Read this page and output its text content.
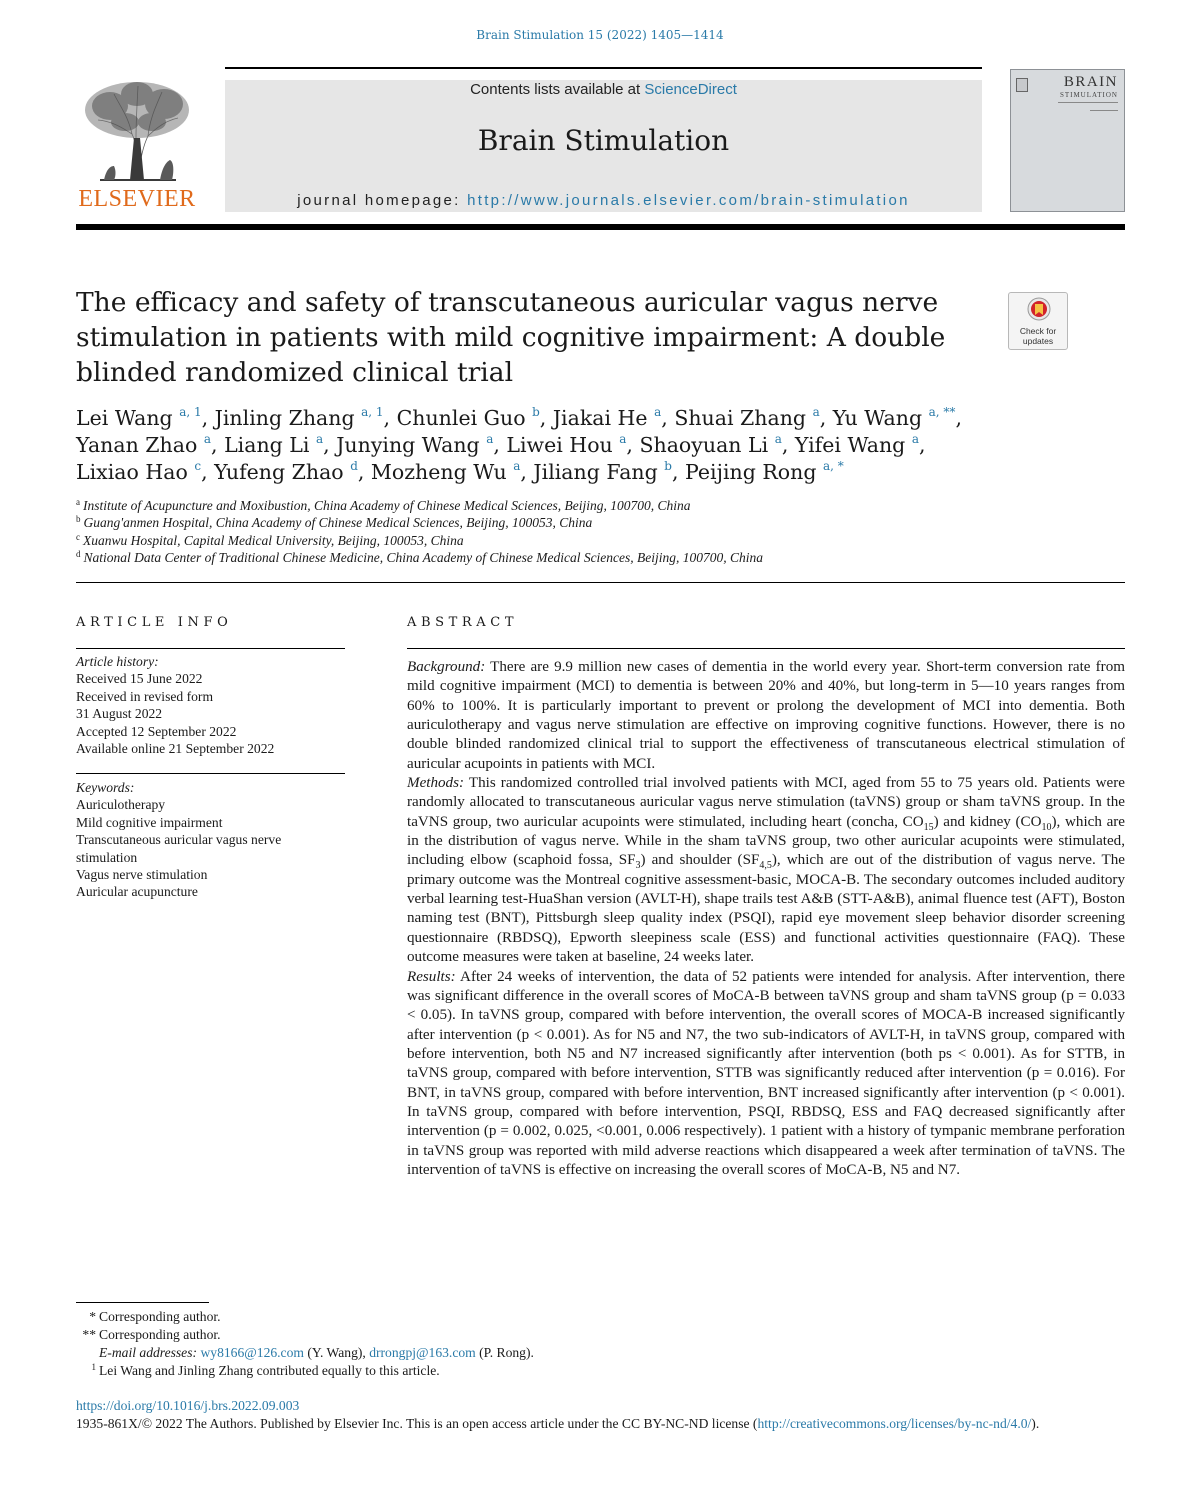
Brain Stimulation 15 (2022) 1405—1414
ELSEVIER
Contents lists available at ScienceDirect
Brain Stimulation
journal homepage: http://www.journals.elsevier.com/brain-stimulation
BRAIN
STIMULATION
The efficacy and safety of transcutaneous auricular vagus nerve stimulation in patients with mild cognitive impairment: A double blinded randomized clinical trial
Check for
updates
Lei Wang $^{a, 1}$, Jinling Zhang $^{a, 1}$, Chunlei Guo $^b$, Jiakai He $^a$, Shuai Zhang $^a$, Yu Wang $^{a, **}$,
Yanan Zhao $^a$, Liang Li $^a$, Junying Wang $^a$, Liwei Hou $^a$, Shaoyuan Li $^a$, Yifei Wang $^a$,
Lixiao Hao $^c$, Yufeng Zhao $^d$, Mozheng Wu $^a$, Jiliang Fang $^b$, Peijing Rong $^{a, *}$
$^a$ Institute of Acupuncture and Moxibustion, China Academy of Chinese Medical Sciences, Beijing, 100700, China
$^b$ Guang'anmen Hospital, China Academy of Chinese Medical Sciences, Beijing, 100053, China
$^c$ Xuanwu Hospital, Capital Medical University, Beijing, 100053, China
$^d$ National Data Center of Traditional Chinese Medicine, China Academy of Chinese Medical Sciences, Beijing, 100700, China
ARTICLE INFO
Article history:
Received 15 June 2022
Received in revised form
31 August 2022
Accepted 12 September 2022
Available online 21 September 2022
Keywords:
Auriculotherapy
Mild cognitive impairment
Transcutaneous auricular vagus nerve
stimulation
Vagus nerve stimulation
Auricular acupuncture
ABSTRACT

Background: There are 9.9 million new cases of dementia in the world every year. Short-term conversion rate from mild cognitive impairment (MCI) to dementia is between 20% and 40%, but long-term in 5—10 years ranges from 60% to 100%. It is particularly important to prevent or prolong the development of MCI into dementia. Both auriculotherapy and vagus nerve stimulation are effective on improving cognitive functions. However, there is no double blinded randomized clinical trial to support the effectiveness of transcutaneous electrical stimulation of auricular acupoints in patients with MCI.

Methods: This randomized controlled trial involved patients with MCI, aged from 55 to 75 years old. Patients were randomly allocated to transcutaneous auricular vagus nerve stimulation (taVNS) group or sham taVNS group. In the taVNS group, two auricular acupoints were stimulated, including heart (concha, $CO_{15}$) and kidney $(CO_{10})$, which are in the distribution of vagus nerve. While in the sham taVNS group, two other auricular acupoints were stimulated, including elbow (scaphoid fossa, $SF_3$) and shoulder $(SF_{4,5})$, which are out of the distribution of vagus nerve. The primary outcome was the Montreal cognitive assessment-basic, MOCA-B. The secondary outcomes included auditory verbal learning test-HuaShan version (AVLT-H), shape trails test A&B (STT-A&B), animal fluence test (AFT), Boston naming test (BNT), Pittsburgh sleep quality index (PSQI), rapid eye movement sleep behavior disorder screening questionnaire (RBDSQ), Epworth sleepiness scale (ESS) and functional activities questionnaire (FAQ). These outcome measures were taken at baseline, 24 weeks later.

Results: After 24 weeks of intervention, the data of 52 patients were intended for analysis. After intervention, there was significant difference in the overall scores of MoCA-B between taVNS group and sham taVNS group (p = 0.033 < 0.05). In taVNS group, compared with before intervention, the overall scores of MOCA-B increased significantly after intervention (p < 0.001). As for N5 and N7, the two sub-indicators of AVLT-H, in taVNS group, compared with before intervention, both N5 and N7 increased significantly after intervention (both ps < 0.001). As for STTB, in taVNS group, compared with before intervention, STTB was significantly reduced after intervention (p = 0.016). For BNT, in taVNS group, compared with before intervention, BNT increased significantly after intervention (p < 0.001). In taVNS group, compared with before intervention, PSQI, RBDSQ, ESS and FAQ decreased significantly after intervention (p = 0.002, 0.025, <0.001, 0.006 respectively). 1 patient with a history of tympanic membrane perforation in taVNS group was reported with mild adverse reactions which disappeared a week after termination of taVNS. The intervention of taVNS is effective on increasing the overall scores of MoCA-B, N5 and N7.

* Corresponding author.
** Corresponding author.
E-mail addresses: wy8166@126.com (Y. Wang), drrongpj@163.com (P. Rong).
$^1$ Lei Wang and Jinling Zhang contributed equally to this article.
https://doi.org/10.1016/j.brs.2022.09.003
1935-861X/© 2022 The Authors. Published by Elsevier Inc. This is an open access article under the CC BY-NC-ND license (http://creativecommons.org/licenses/by-nc-nd/4.0/).
